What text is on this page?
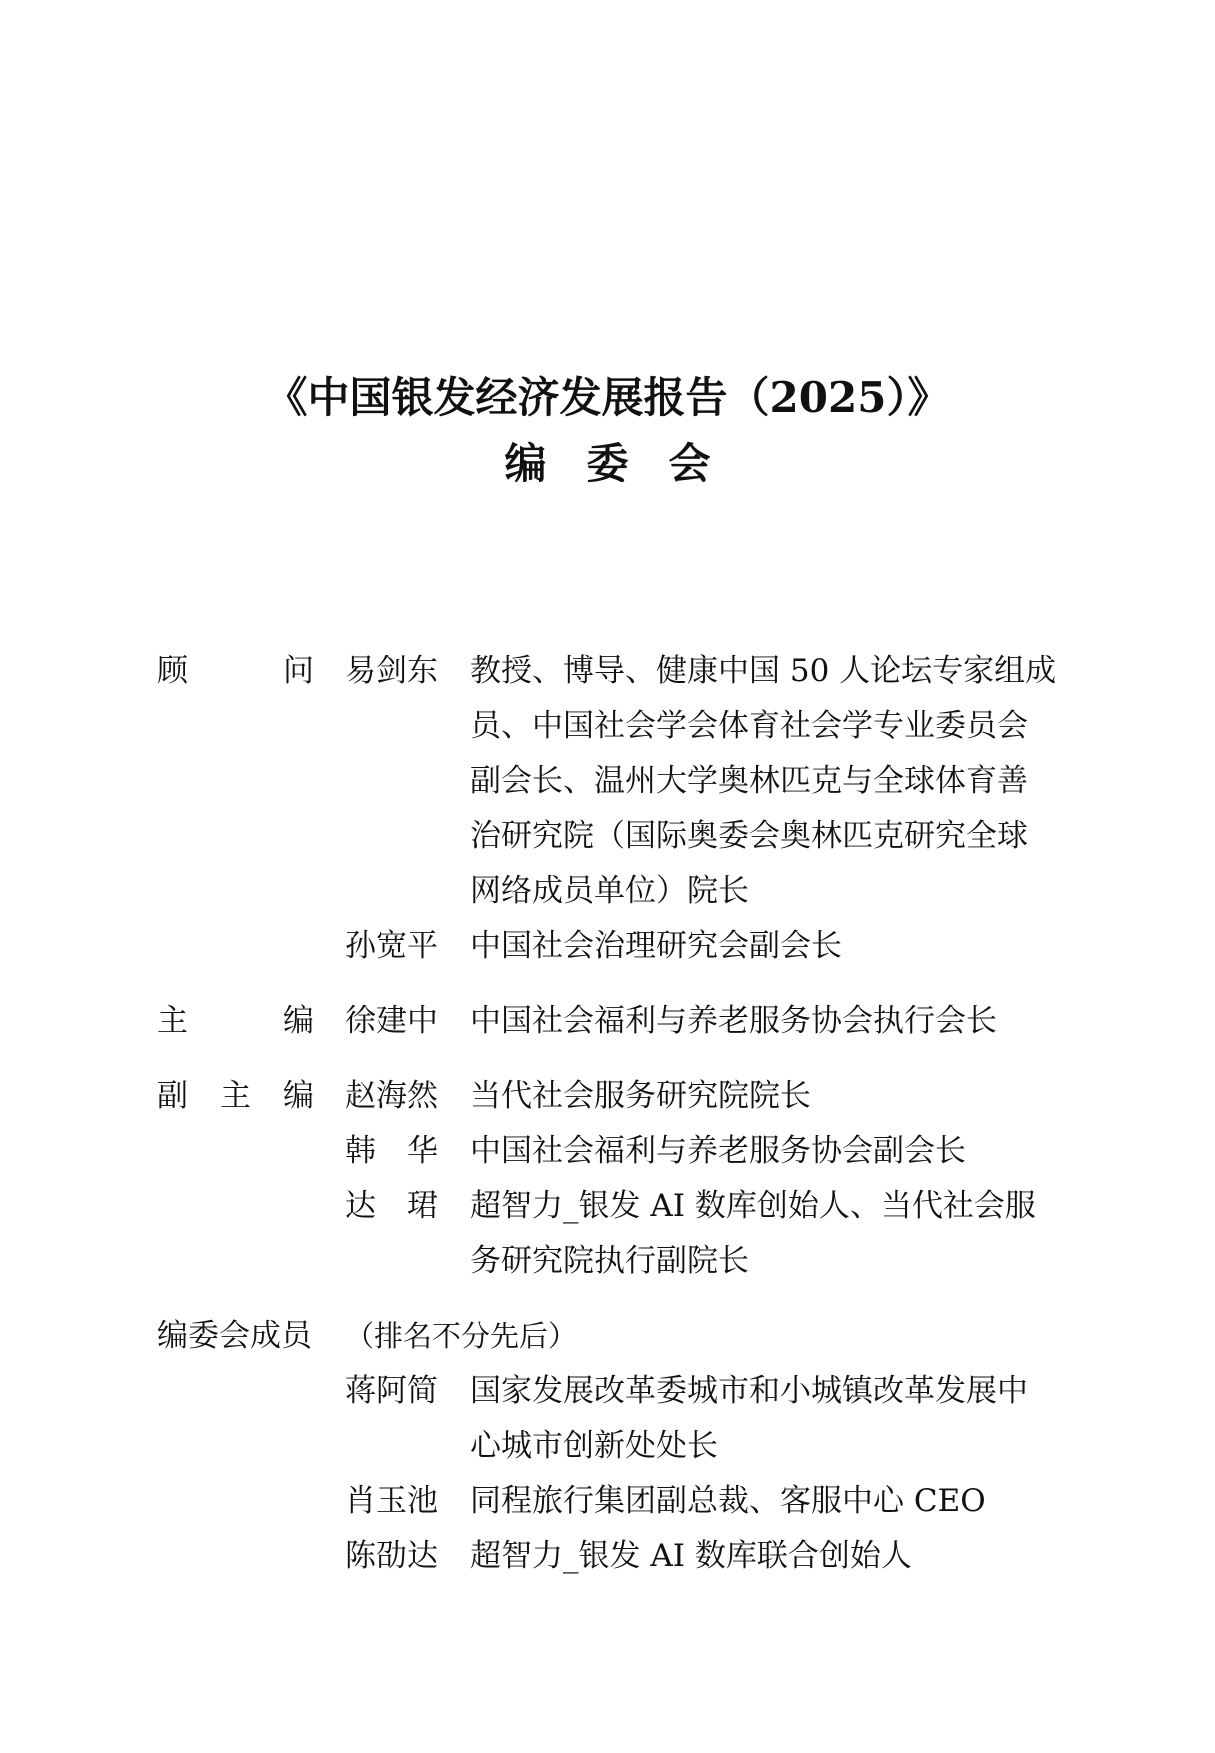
《中国银发经济发展报告（2025）》
编委会
顾	问 易剑东 教授、博导、健康中国 50 人论坛专家组成
员、中国社会学会体育社会学专业委员会
副会长、温州大学奥林匹克与全球体育善
治研究院（国际奥委会奥林匹克研究全球
网络成员单位）院长
孙宽平 中国社会治理研究会副会长
主	编 徐建中 中国社会福利与养老服务协会执行会长
副 主 编 赵海然 当代社会服务研究院院长
韩 华 中国社会福利与养老服务协会副会长
达 珺 超智力_银发 AI 数库创始人、当代社会服
务研究院执行副院长
编委会成员 （排名不分先后）
蒋阿简 国家发展改革委城市和小城镇改革发展中
心城市创新处处长
肖玉池 同程旅行集团副总裁、客服中心 CEO
陈劭达 超智力_银发 AI 数库联合创始人
